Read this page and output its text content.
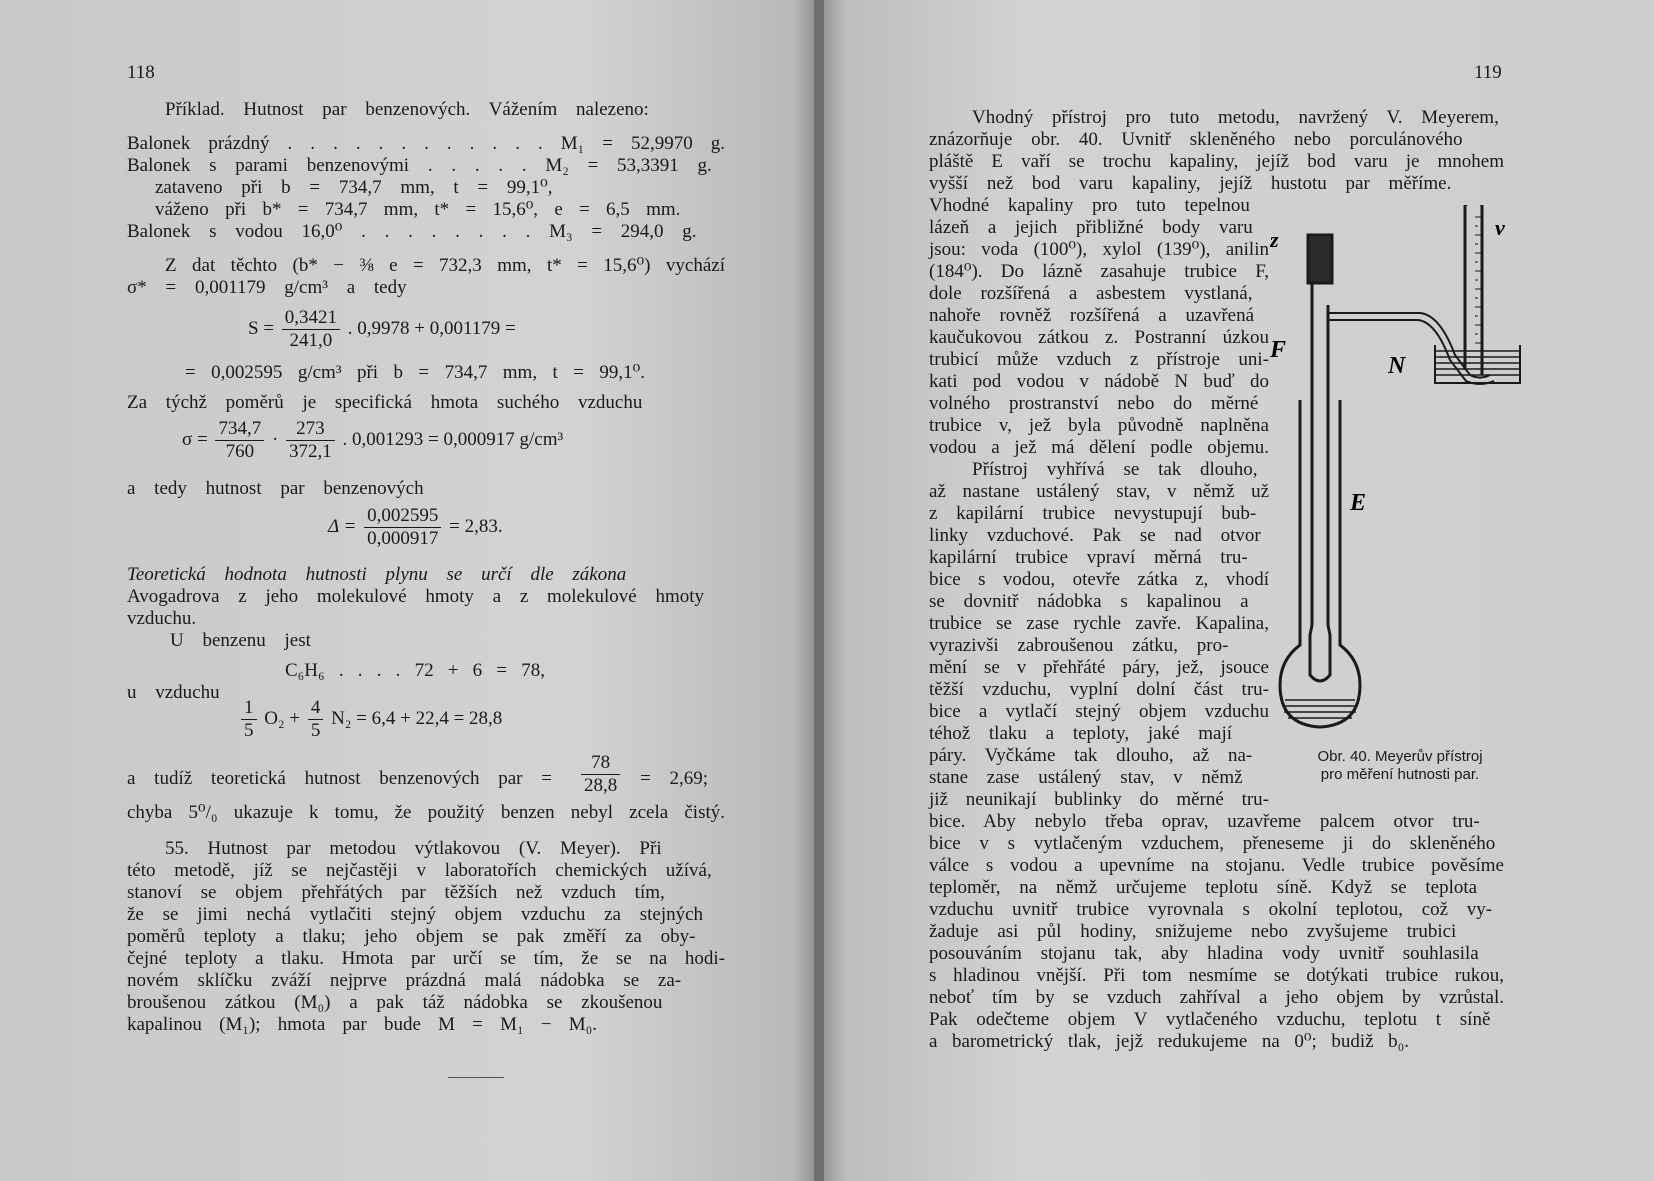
118	119
Příklad. Hutnost par benzenových. Vážením nalezeno:
Balonek prázdný . . . . . . . . . . . . M₁ = 52,9970 g.
Balonek s parami benzenovými . . . . . M₂ = 53,3391 g.
zataveno při b = 734,7 mm, t = 99,1⁰,
váženo při b* = 734,7 mm, t* = 15,6⁰, e = 6,5 mm.
Balonek s vodou 16,0⁰ . . . . . . . . M₃ = 294,0 g.
Z dat těchto (b* − ⅜ e = 732,3 mm, t* = 15,6⁰) vychází
σ* = 0,001179 g/cm³ a tedy
= 0,002595 g/cm³ při b = 734,7 mm, t = 99,1⁰.
Za týchž poměrů je specifická hmota suchého vzduchu
a tedy hutnost par benzenových
Teoretická hodnota hutnosti plynu se určí dle zákona
Avogadrova z jeho molekulové hmoty a z molekulové hmoty
vzduchu.
U benzenu jest
C₆H₆ . . . . 72 + 6 = 78,
u vzduchu
a tudíž teoretická hutnost benzenových par =	= 2,69;
chyba 5⁰/₀ ukazuje k tomu, že použitý benzen nebyl zcela čistý.
55. Hutnost par metodou výtlakovou (V. Meyer). Při
této metodě, jíž se nejčastěji v laboratořích chemických užívá,
stanoví se objem přehřátých par těžších než vzduch tím,
že se jimi nechá vytlačiti stejný objem vzduchu za stejných
poměrů teploty a tlaku; jeho objem se pak změří za oby-
čejné teploty a tlaku. Hmota par určí se tím, že se na hodi-
novém sklíčku zváží nejprve prázdná malá nádobka se za-
broušenou zátkou (M₀) a pak táž nádobka se zkoušenou
kapalinou (M₁); hmota par bude M = M₁ − M₀.
Vhodný přístroj pro tuto metodu, navržený V. Meyerem,
znázorňuje obr. 40. Uvnitř skleněného nebo porculánového
pláště E vaří se trochu kapaliny, jejíž bod varu je mnohem
vyšší než bod varu kapaliny, jejíž hustotu par měříme.
Vhodné kapaliny pro tuto tepelnou
lázeň a jejich přibližné body varu
jsou: voda (100⁰), xylol (139⁰), anilin
(184⁰). Do lázně zasahuje trubice F,
dole rozšířená a asbestem vystlaná,
nahoře rovněž rozšířená a uzavřená
kaučukovou zátkou z. Postranní úzkou
trubicí může vzduch z přístroje uni-
kati pod vodou v nádobě N buď do
volného prostranství nebo do měrné
trubice v, jež byla původně naplněna
vodou a jež má dělení podle objemu.
Přístroj vyhřívá se tak dlouho,
až nastane ustálený stav, v němž už
z kapilární trubice nevystupují bub-
linky vzduchové. Pak se nad otvor
kapilární trubice vpraví měrná tru-
bice s vodou, otevře zátka z, vhodí
se dovnitř nádobka s kapalinou a
trubice se zase rychle zavře. Kapalina,
vyrazivši zabroušenou zátku, pro-
mění se v přehřáté páry, jež, jsouce
těžší vzduchu, vyplní dolní část tru-
bice a vytlačí stejný objem vzduchu
téhož tlaku a teploty, jaké mají
páry. Vyčkáme tak dlouho, až na-
stane zase ustálený stav, v němž
již neunikají bublinky do měrné tru-
bice. Aby nebylo třeba oprav, uzavřeme palcem otvor tru-
bice v s vytlačeným vzduchem, přeneseme ji do skleněného
válce s vodou a upevníme na stojanu. Vedle trubice pověsíme
teploměr, na němž určujeme teplotu síně. Když se teplota
vzduchu uvnitř trubice vyrovnala s okolní teplotou, což vy-
žaduje asi půl hodiny, snižujeme nebo zvyšujeme trubici
posouváním stojanu tak, aby hladina vody uvnitř souhlasila
s hladinou vnější. Při tom nesmíme se dotýkati trubice rukou,
neboť tím by se vzduch zahříval a jeho objem by vzrůstal.
Pak odečteme objem V vytlačeného vzduchu, teplotu t síně
a barometrický tlak, jejž redukujeme na 0⁰; budiž b₀.
$S = \frac{0,3421}{241,0}$ . 0,9978 + 0,001179 =
$\sigma = \frac{734,7}{760} \cdot \frac{273}{372,1}$ . 0,001293 = 0,000917 g/cm³
$\Delta = \frac{0,002595}{0,000917} = 2,83$.
$\frac{1}{5} O_2 + \frac{4}{5} N_2 = 6,4 + 22,4 = 28,8$
$\frac{78}{28,8}$
z	v
F
N
E
Obr. 40. Meyerův přístroj
pro měření hutnosti par.
